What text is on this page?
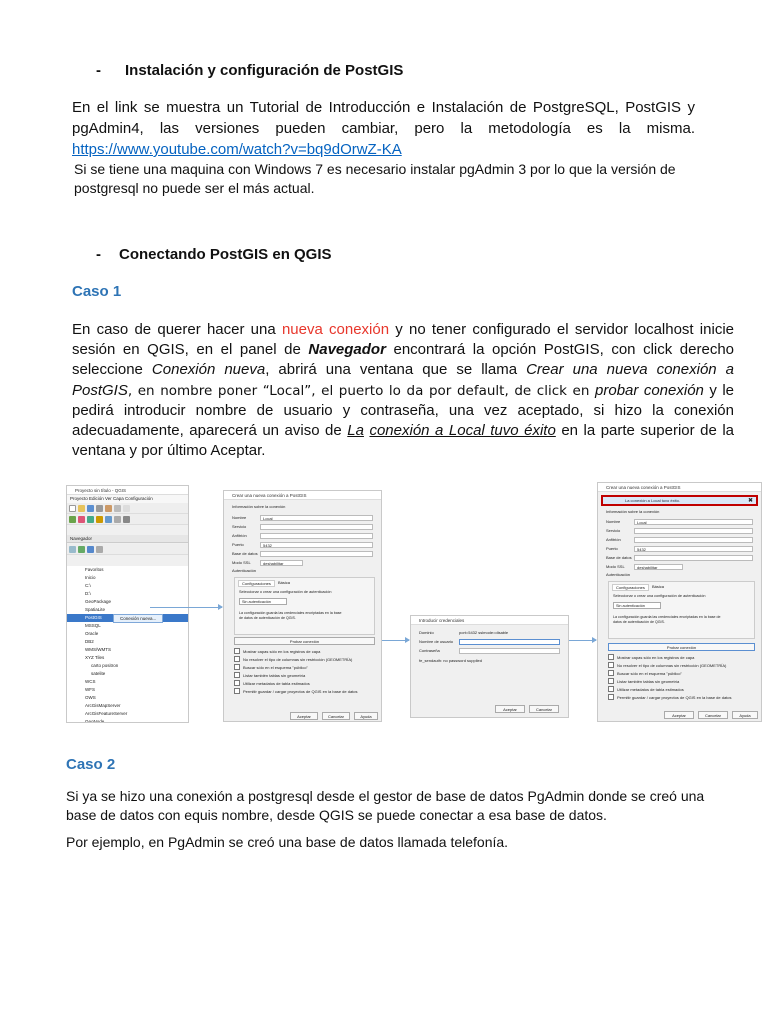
- Instalación y configuración de PostGIS
En el link se muestra un Tutorial de Introducción e Instalación de PostgreSQL, PostGIS y pgAdmin4, las versiones pueden cambiar, pero la metodología es la misma. https://www.youtube.com/watch?v=bq9dOrwZ-KA
Si se tiene una maquina con Windows 7 es necesario instalar pgAdmin 3 por lo que la versión de postgresql no puede ser el más actual.
- Conectando PostGIS en QGIS
Caso 1
En caso de querer hacer una nueva conexión y no tener configurado el servidor localhost inicie sesión en QGIS, en el panel de Navegador encontrará la opción PostGIS, con click derecho seleccione Conexión nueva, abrirá una ventana que se llama Crear una nueva conexión a PostGIS, en nombre poner “Local”, el puerto lo da por default, de click en probar conexión y le pedirá introducir nombre de usuario y contraseña, una vez aceptado, si hizo la conexión adecuadamente, aparecerá un aviso de La conexión a Local tuvo éxito en la parte superior de la ventana y por último Aceptar.
Proyecto sin título - QGIS
Proyecto Edición Ver Capa Configuración
Navegador
Favoritos
Inicio
C:\
D:\
GeoPackage
SpatiaLite
PostGIS
MSSQL
Oracle
DB2
WMS/WMTS
XYZ Tiles
carto positron
satelite
WCS
WFS
OWS
ArcGisMapServer
ArcGisFeatureServer
GeoNode
Conexión nueva...
Crear una nueva conexión a PostGIS
Información sobre la conexión
Nombre	Local
Servicio
Anfitrión
Puerto	5432
Base de datos
Modo SSL	deshabilitar
Autenticación
Configuraciones	Básica
Seleccionar o crear una configuración de autenticación
Sin autenticación
La configuración guarda las credenciales encriptadas en la base de datos de autenticación de QGIS.
Probar conexión
Mostrar capas sólo en los registros de capa
No resolver el tipo de columnas sin restricción (GEOMETRÍA)
Buscar sólo en el esquema "público"
Listar también tablas sin geometría
Utilizar metadatos de tabla estimados
Permitir guardar / cargar proyectos de QGIS en la base de datos
Aceptar	Cancelar	Ayuda
Introducir credenciales
Dominio	port=5432 sslmode=disable
Nombre de usuario
Contraseña
fe_sendauth: no password supplied
Aceptar	Cancelar
Crear una nueva conexión a PostGIS
La conexión a Local tuvo éxito.	✖
Información sobre la conexión
Nombre	Local
Servicio
Anfitrión
Puerto	5432
Base de datos
Modo SSL	deshabilitar
Autenticación
Configuraciones	Básica
Seleccionar o crear una configuración de autenticación
Sin autenticación
La configuración guarda las credenciales encriptadas en la base de datos de autenticación de QGIS.
Probar conexión
Mostrar capas sólo en los registros de capa
No resolver el tipo de columnas sin restricción (GEOMETRÍA)
Buscar sólo en el esquema "público"
Listar también tablas sin geometría
Utilizar metadatos de tabla estimados
Permitir guardar / cargar proyectos de QGIS en la base de datos
Aceptar	Cancelar	Ayuda
Caso 2
Si ya se hizo una conexión a postgresql desde el gestor de base de datos PgAdmin donde se creó una base de datos con equis nombre, desde QGIS se puede conectar a esa base de datos.
Por ejemplo, en PgAdmin se creó una base de datos llamada telefonía.
